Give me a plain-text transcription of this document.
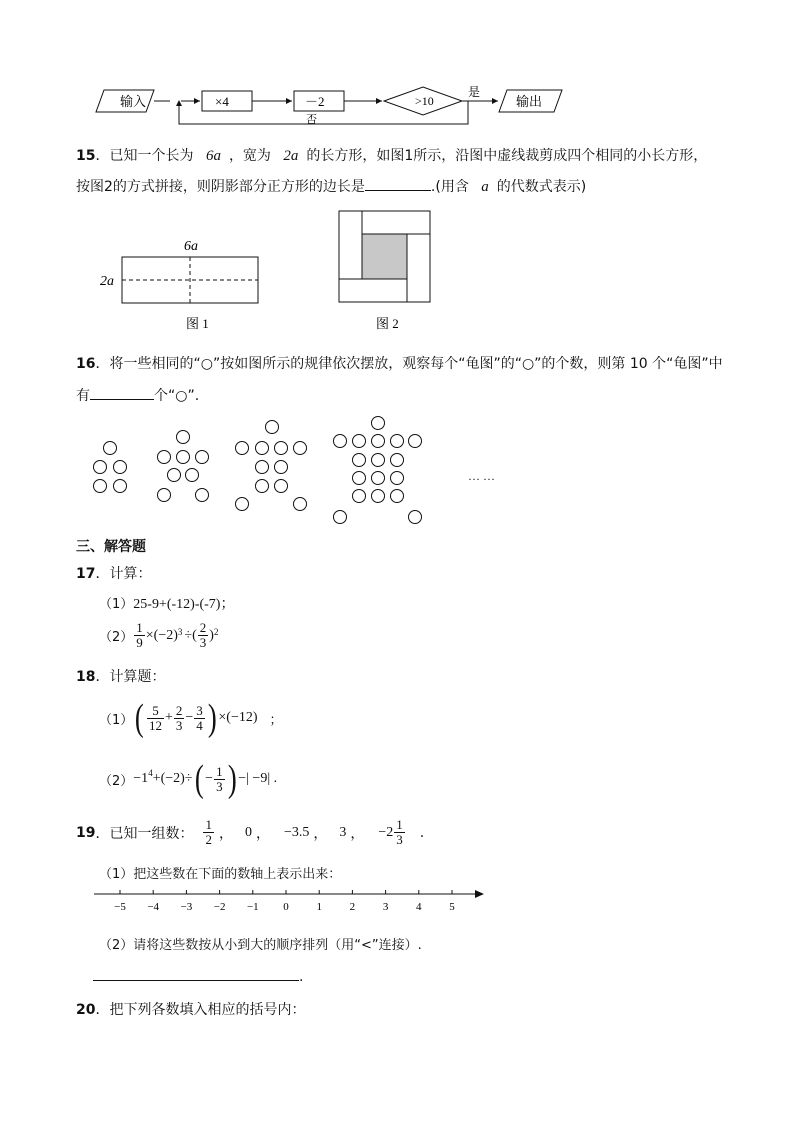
输入	×4	－2	>10
是
输出
否
15．已知一个长为 6a ，宽为 2a 的长方形，如图1所示，沿图中虚线裁剪成四个相同的小长方形，
按图2的方式拼接，则阴影部分正方形的边长是	.(用含 a 的代数式表示)
6a
2a
图 1	图 2
16．将一些相同的“○”按如图所示的规律依次摆放，观察每个“龟图”的“○”的个数，则第 10 个“龟图”中
有	个“○”.
… …
三、解答题
17．计算：
（1）25-9+(-12)-(-7)；
$(2) \frac{1}{9} \times(-2)^3$ ÷( $\frac{2}{3} )^2$
18．计算题：
（1） ( $\frac{5}{12} + \frac{2}{3} - \frac{3}{4}$ ) ×(−12) ；
$(2) -1^4 +(-2)\div$ ( − $\frac{1}{3}$ ) −| −9| .
19 ．已知一组数： $\frac{1}{2}$ ， 0 ， −3.5 ， 3 ， $-2 \frac{1}{3}$ .
（1）把这些数在下面的数轴上表示出来：
−5 −4 −3 −2 −1 0	1	2	3	4	5
（2）请将这些数按从小到大的顺序排列（用“<”连接）.
.
20．把下列各数填入相应的括号内：
